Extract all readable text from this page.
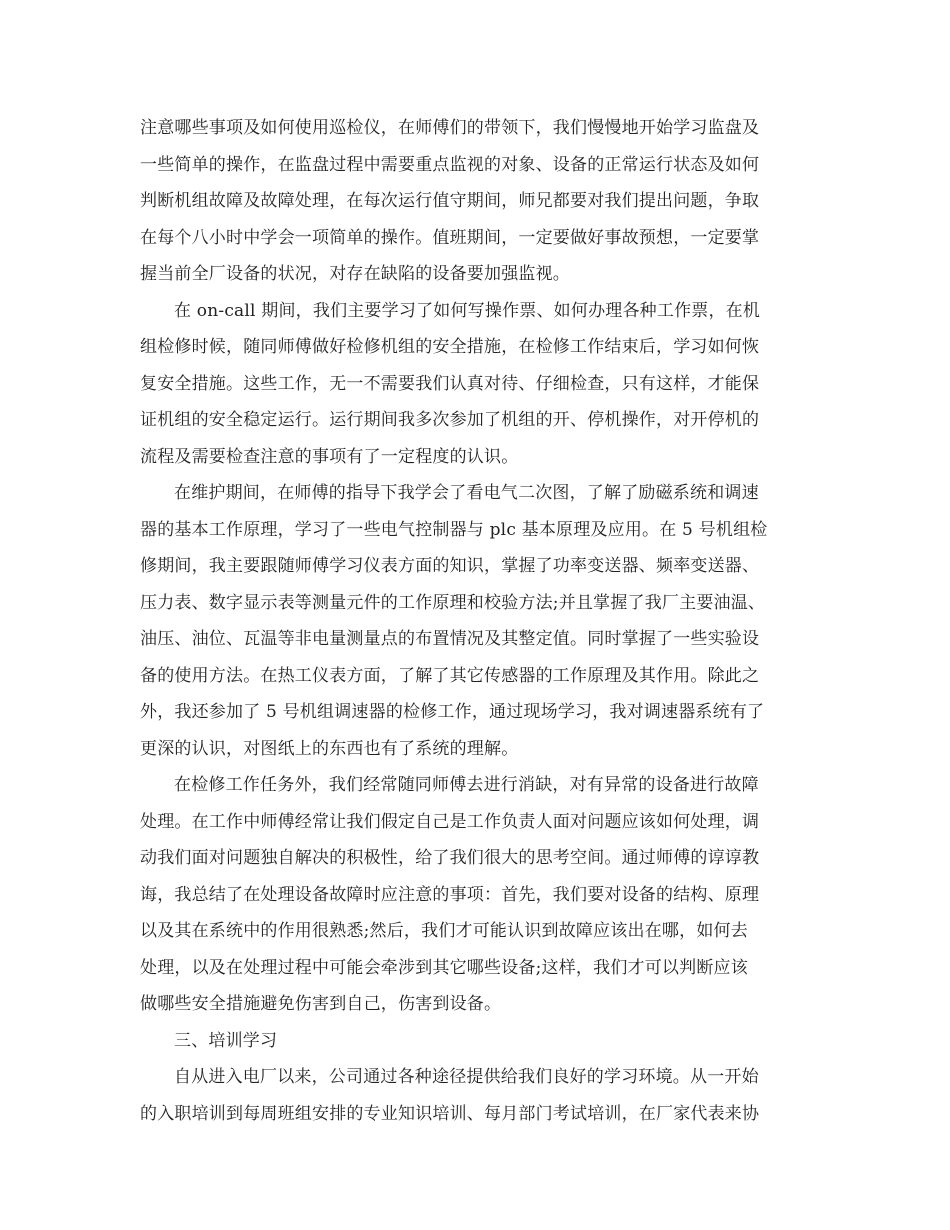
注意哪些事项及如何使用巡检仪，在师傅们的带领下，我们慢慢地开始学习监盘及
一些简单的操作，在监盘过程中需要重点监视的对象、设备的正常运行状态及如何
判断机组故障及故障处理，在每次运行值守期间，师兄都要对我们提出问题，争取
在每个八小时中学会一项简单的操作。值班期间，一定要做好事故预想，一定要掌
握当前全厂设备的状况，对存在缺陷的设备要加强监视。
在 on-call 期间，我们主要学习了如何写操作票、如何办理各种工作票，在机
组检修时候，随同师傅做好检修机组的安全措施，在检修工作结束后，学习如何恢
复安全措施。这些工作，无一不需要我们认真对待、仔细检查，只有这样，才能保
证机组的安全稳定运行。运行期间我多次参加了机组的开、停机操作，对开停机的
流程及需要检查注意的事项有了一定程度的认识。
在维护期间，在师傅的指导下我学会了看电气二次图，了解了励磁系统和调速
器的基本工作原理，学习了一些电气控制器与 plc 基本原理及应用。在 5 号机组检
修期间，我主要跟随师傅学习仪表方面的知识，掌握了功率变送器、频率变送器、
压力表、数字显示表等测量元件的工作原理和校验方法;并且掌握了我厂主要油温、
油压、油位、瓦温等非电量测量点的布置情况及其整定值。同时掌握了一些实验设
备的使用方法。在热工仪表方面，了解了其它传感器的工作原理及其作用。除此之
外，我还参加了 5 号机组调速器的检修工作，通过现场学习，我对调速器系统有了
更深的认识，对图纸上的东西也有了系统的理解。
在检修工作任务外，我们经常随同师傅去进行消缺，对有异常的设备进行故障
处理。在工作中师傅经常让我们假定自己是工作负责人面对问题应该如何处理，调
动我们面对问题独自解决的积极性，给了我们很大的思考空间。通过师傅的谆谆教
诲，我总结了在处理设备故障时应注意的事项：首先，我们要对设备的结构、原理
以及其在系统中的作用很熟悉;然后，我们才可能认识到故障应该出在哪，如何去
处理，以及在处理过程中可能会牵涉到其它哪些设备;这样，我们才可以判断应该
做哪些安全措施避免伤害到自己，伤害到设备。
三、培训学习
自从进入电厂以来，公司通过各种途径提供给我们良好的学习环境。从一开始
的入职培训到每周班组安排的专业知识培训、每月部门考试培训，在厂家代表来协
